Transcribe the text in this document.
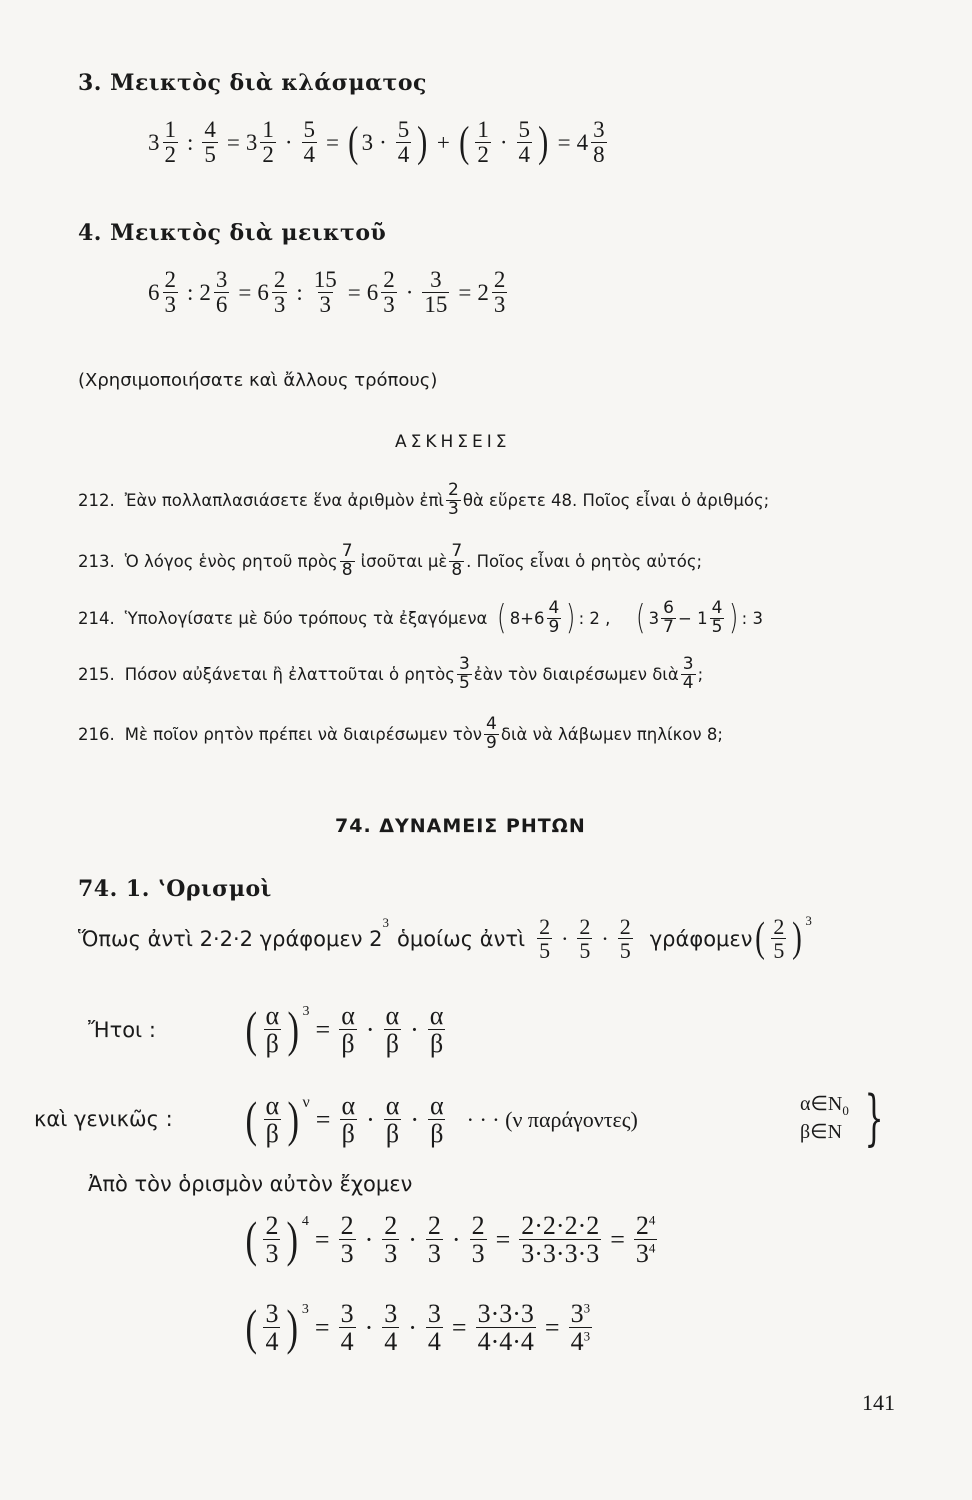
3. Μεικτὸς διὰ κλάσματος
$3 \frac{1}{2}$ : $\frac{4}{5} = 3 \frac{1}{2} \cdot \frac{5}{4}$ = ( $3 \cdot \frac{5}{4}$ ) + ( $\frac{1}{2} \cdot \frac{5}{4}$ ) = $4 \frac{3}{8}$
4. Μεικτὸς διὰ μεικτοῦ
$6 \frac{2}{3}$ : $2 \frac{3}{6} = 6 \frac{2}{3}$ : $\frac{15}{3} = 6 \frac{2}{3} \cdot \frac{3}{15} = 2 \frac{2}{3}$
(Χρησιμοποιήσατε καὶ ἄλλους τρόπους)
ΑΣΚΗΣΕΙΣ
212. Ἐὰν πολλαπλασιάσετε ἕνα ἀριθμὸν ἐπὶ $\frac{2}{3}$ θὰ εὕρετε 48. Ποῖος εἶναι ὁ ἀριθμός;
213. Ὁ λόγος ἑνὸς ρητοῦ πρὸς $\frac{7}{8}$ ἰσοῦται μὲ $\frac{7}{8}$ . Ποῖος εἶναι ὁ ρητὸς αὐτός;
214. Ὑπολογίσατε μὲ δύο τρόπους τὰ ἐξαγόμενα ( $8+6 \frac{4}{9}$ ) : 2 , ( $3 \frac{6}{7} - 1 \frac{4}{5}$ ) : 3
215. Πόσον αὐξάνεται ἢ ἐλαττοῦται ὁ ρητὸς $\frac{3}{5}$ ἐὰν τὸν διαιρέσωμεν διὰ $\frac{3}{4}$ ;
216. Μὲ ποῖον ρητὸν πρέπει νὰ διαιρέσωμεν τὸν $\frac{4}{9}$ διὰ νὰ λάβωμεν πηλίκον 8;
74. ΔΥΝΑΜΕΙΣ ΡΗΤΩΝ
74. 1. ʽΟρισμοὶ
Ὅπως ἀντὶ 2·2·2 γράφομεν 2
3
ὁμοίως ἀντὶ $\frac{2}{5} \cdot \frac{2}{5} \cdot \frac{2}{5}$ γράφομεν ( $\frac{2}{5}$ ) 3
Ἤτοι : ( $\frac{\alpha}{\beta}$ ) 3
= $\frac{\alpha}{\beta} \cdot \frac{\alpha}{\beta} \cdot \frac{\alpha}{\beta}$
καὶ γενικῶς : ( $\frac{\alpha}{\beta}$ ) ν
= $\frac{\alpha}{\beta} \cdot \frac{\alpha}{\beta} \cdot \frac{\alpha}{\beta}$ · · · (ν παράγοντες)
$\alpha\in N_0$
β∈N }
Ἀπὸ τὸν ὁρισμὸν αὐτὸν ἔχομεν
( $\frac{2}{3}$ ) 4
= $\frac{2}{3} \cdot \frac{2}{3} \cdot \frac{2}{3} \cdot \frac{2}{3} = \frac{2\cdot 2\cdot 2\cdot 2}{3\cdot 3\cdot 3\cdot 3} = \frac{2^4}{3^4}$
( $\frac{3}{4}$ ) 3
= $\frac{3}{4} \cdot \frac{3}{4} \cdot \frac{3}{4} = \frac{3\cdot 3\cdot 3}{4\cdot 4\cdot 4} = \frac{3^3}{4^3}$
141
